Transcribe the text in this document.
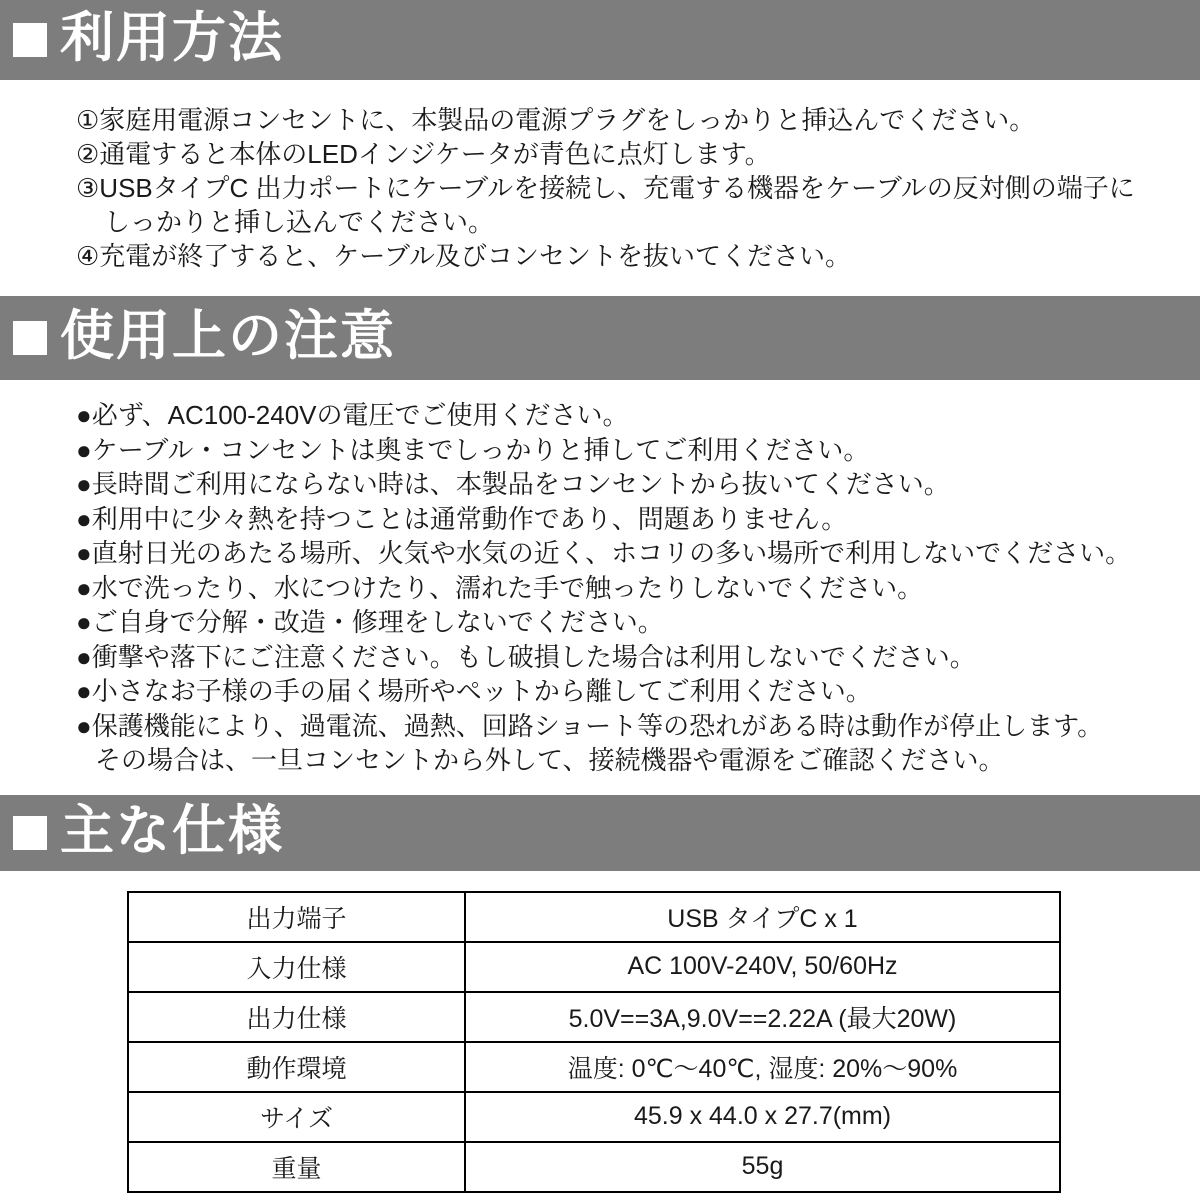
利用方法

①家庭用電源コンセントに、本製品の電源プラグをしっかりと挿込んでください。

②通電すると本体のLEDインジケータが青色に点灯します。

③USBタイプC 出力ポートにケーブルを接続し、充電する機器をケーブルの反対側の端子に

しっかりと挿し込んでください。

④充電が終了すると、ケーブル及びコンセントを抜いてください。

使用上の注意

●必ず、AC100-240Vの電圧でご使用ください。

●ケーブル・コンセントは奥までしっかりと挿してご利用ください。

●長時間ご利用にならない時は、本製品をコンセントから抜いてください。

●利用中に少々熱を持つことは通常動作であり、問題ありません。

●直射日光のあたる場所、火気や水気の近く、ホコリの多い場所で利用しないでください。

●水で洗ったり、水につけたり、濡れた手で触ったりしないでください。

●ご自身で分解・改造・修理をしないでください。

●衝撃や落下にご注意ください。もし破損した場合は利用しないでください。

●小さなお子様の手の届く場所やペットから離してご利用ください。

●保護機能により、過電流、過熱、回路ショート等の恐れがある時は動作が停止します。

その場合は、一旦コンセントから外して、接続機器や電源をご確認ください。

主な仕様
出力端子	USB タイプC x 1
入力仕様	AC 100V-240V, 50/60Hz
出力仕様	5.0V==3A,9.0V==2.22A (最大20W)
動作環境	温度: 0℃～40℃, 湿度: 20%～90%
サイズ	45.9 x 44.0 x 27.7(mm)
重量	55g
